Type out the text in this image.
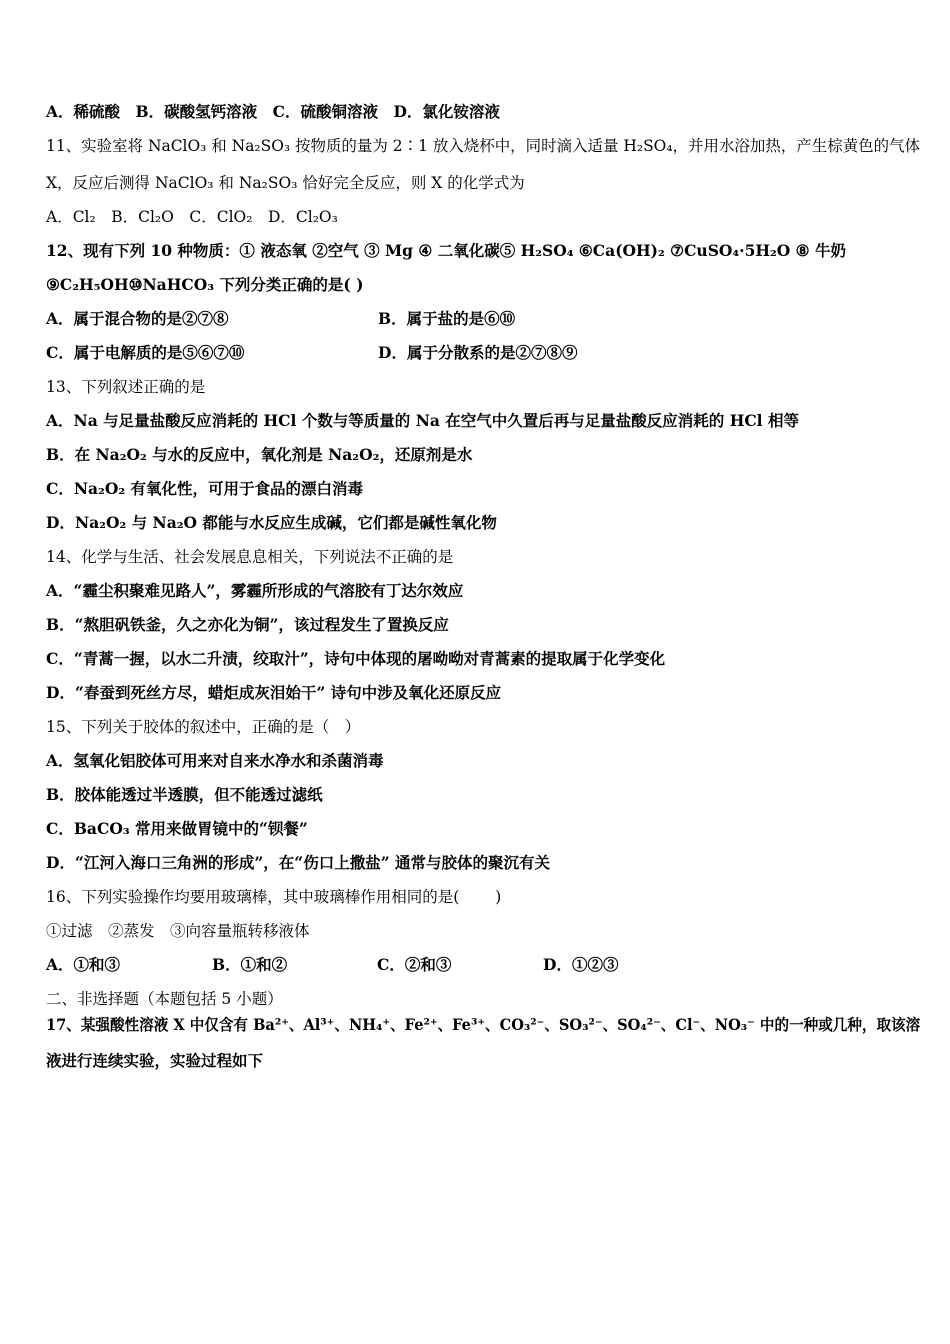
A．稀硫酸　B．碳酸氢钙溶液　C．硫酸铜溶液　D．氯化铵溶液
11、实验室将 NaClO₃ 和 Na₂SO₃ 按物质的量为 2∶1 放入烧杯中，同时滴入适量 H₂SO₄，并用水浴加热，产生棕黄色的气体
X，反应后测得 NaClO₃ 和 Na₂SO₃ 恰好完全反应，则 X 的化学式为
A．Cl₂　B．Cl₂O　C．ClO₂　D．Cl₂O₃
12、现有下列 10 种物质：① 液态氧 ②空气 ③ Mg ④ 二氧化碳⑤ H₂SO₄ ⑥Ca(OH)₂ ⑦CuSO₄·5H₂O ⑧ 牛奶
⑨C₂H₅OH⑩NaHCO₃ 下列分类正确的是( )
A．属于混合物的是②⑦⑧	B．属于盐的是⑥⑩
C．属于电解质的是⑤⑥⑦⑩	D．属于分散系的是②⑦⑧⑨
13、下列叙述正确的是
A．Na 与足量盐酸反应消耗的 HCl 个数与等质量的 Na 在空气中久置后再与足量盐酸反应消耗的 HCl 相等
B．在 Na₂O₂ 与水的反应中，氧化剂是 Na₂O₂，还原剂是水
C．Na₂O₂ 有氧化性，可用于食品的漂白消毒
D．Na₂O₂ 与 Na₂O 都能与水反应生成碱，它们都是碱性氧化物
14、化学与生活、社会发展息息相关，下列说法不正确的是
A．“霾尘积聚难见路人”，雾霾所形成的气溶胶有丁达尔效应
B．“熬胆矾铁釜，久之亦化为铜”，该过程发生了置换反应
C．“青蒿一握，以水二升渍，绞取汁”，诗句中体现的屠呦呦对青蒿素的提取属于化学变化
D．“春蚕到死丝方尽，蜡炬成灰泪始干” 诗句中涉及氧化还原反应
15、下列关于胶体的叙述中，正确的是（　）
A．氢氧化铝胶体可用来对自来水净水和杀菌消毒
B．胶体能透过半透膜，但不能透过滤纸
C．BaCO₃ 常用来做胃镜中的“钡餐”
D．“江河入海口三角洲的形成”，在“伤口上撒盐” 通常与胶体的聚沉有关
16、下列实验操作均要用玻璃棒，其中玻璃棒作用相同的是(　　 )
①过滤　②蒸发　③向容量瓶转移液体
A．①和③	B．①和②	C．②和③	D．①②③
二、非选择题（本题包括 5 小题）
17、某强酸性溶液 X 中仅含有 Ba²⁺、Al³⁺、NH₄⁺、Fe²⁺、Fe³⁺、CO₃²⁻、SO₃²⁻、SO₄²⁻、Cl⁻、NO₃⁻ 中的一种或几种，取该溶
液进行连续实验，实验过程如下
